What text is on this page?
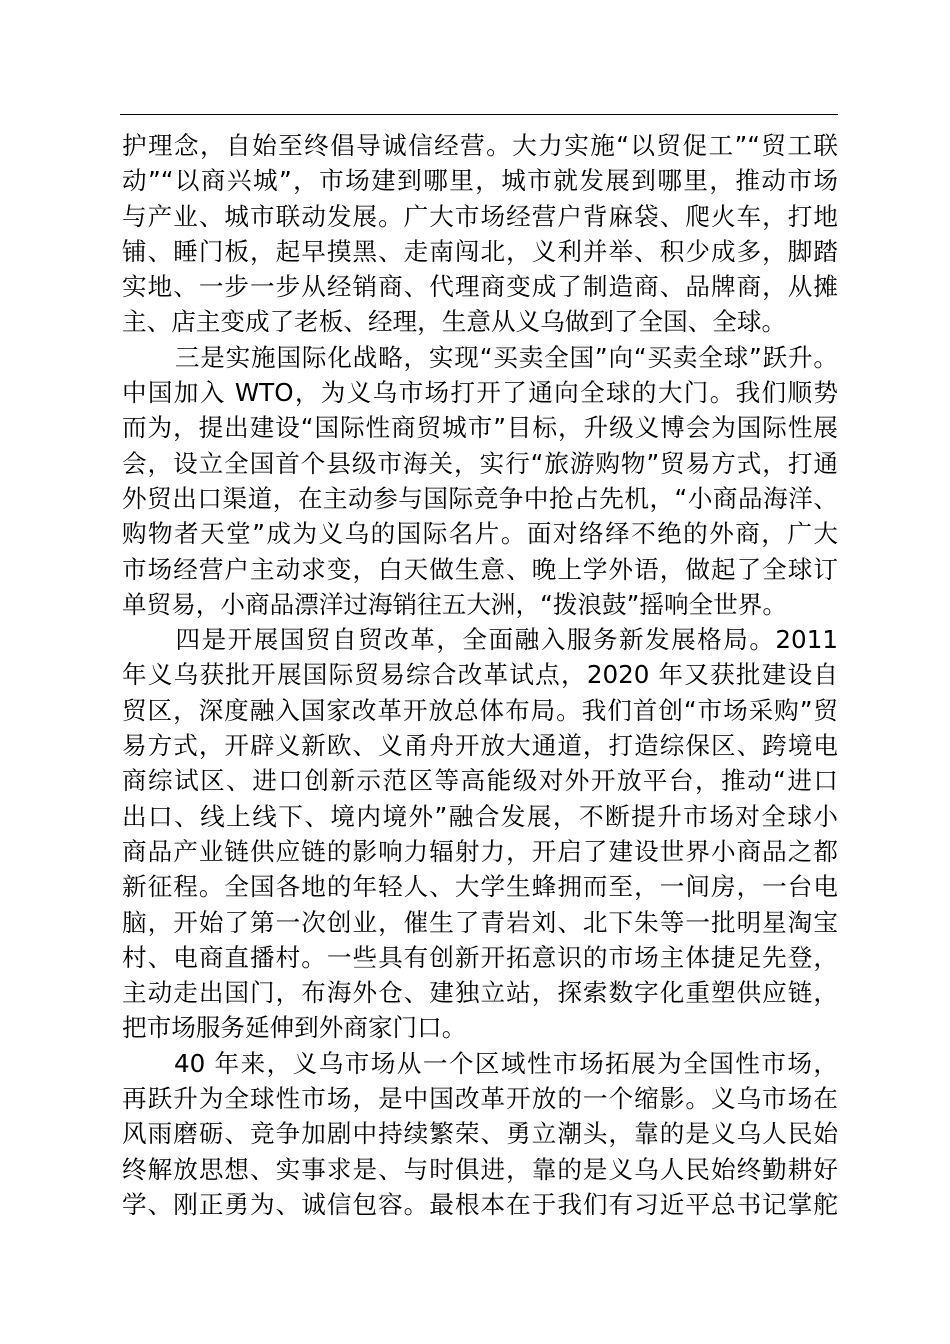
护理念，自始至终倡导诚信经营。大力实施“以贸促工”“贸工联
动”“以商兴城”，市场建到哪里，城市就发展到哪里，推动市场
与产业、城市联动发展。广大市场经营户背麻袋、爬火车，打地
铺、睡门板，起早摸黑、走南闯北，义利并举、积少成多，脚踏
实地、一步一步从经销商、代理商变成了制造商、品牌商，从摊
主、店主变成了老板、经理，生意从义乌做到了全国、全球。
三是实施国际化战略，实现“买卖全国”向“买卖全球”跃升。
中国加入 WTO，为义乌市场打开了通向全球的大门。我们顺势
而为，提出建设“国际性商贸城市”目标，升级义博会为国际性展
会，设立全国首个县级市海关，实行“旅游购物”贸易方式，打通
外贸出口渠道，在主动参与国际竞争中抢占先机，“小商品海洋、
购物者天堂”成为义乌的国际名片。面对络绎不绝的外商，广大
市场经营户主动求变，白天做生意、晚上学外语，做起了全球订
单贸易，小商品漂洋过海销往五大洲，“拨浪鼓”摇响全世界。
四是开展国贸自贸改革，全面融入服务新发展格局。2011
年义乌获批开展国际贸易综合改革试点，2020 年又获批建设自
贸区，深度融入国家改革开放总体布局。我们首创“市场采购”贸
易方式，开辟义新欧、义甬舟开放大通道，打造综保区、跨境电
商综试区、进口创新示范区等高能级对外开放平台，推动“进口
出口、线上线下、境内境外”融合发展，不断提升市场对全球小
商品产业链供应链的影响力辐射力，开启了建设世界小商品之都
新征程。全国各地的年轻人、大学生蜂拥而至，一间房，一台电
脑，开始了第一次创业，催生了青岩刘、北下朱等一批明星淘宝
村、电商直播村。一些具有创新开拓意识的市场主体捷足先登，
主动走出国门，布海外仓、建独立站，探索数字化重塑供应链，
把市场服务延伸到外商家门口。
40 年来，义乌市场从一个区域性市场拓展为全国性市场，
再跃升为全球性市场，是中国改革开放的一个缩影。义乌市场在
风雨磨砺、竞争加剧中持续繁荣、勇立潮头，靠的是义乌人民始
终解放思想、实事求是、与时俱进，靠的是义乌人民始终勤耕好
学、刚正勇为、诚信包容。最根本在于我们有习近平总书记掌舵
